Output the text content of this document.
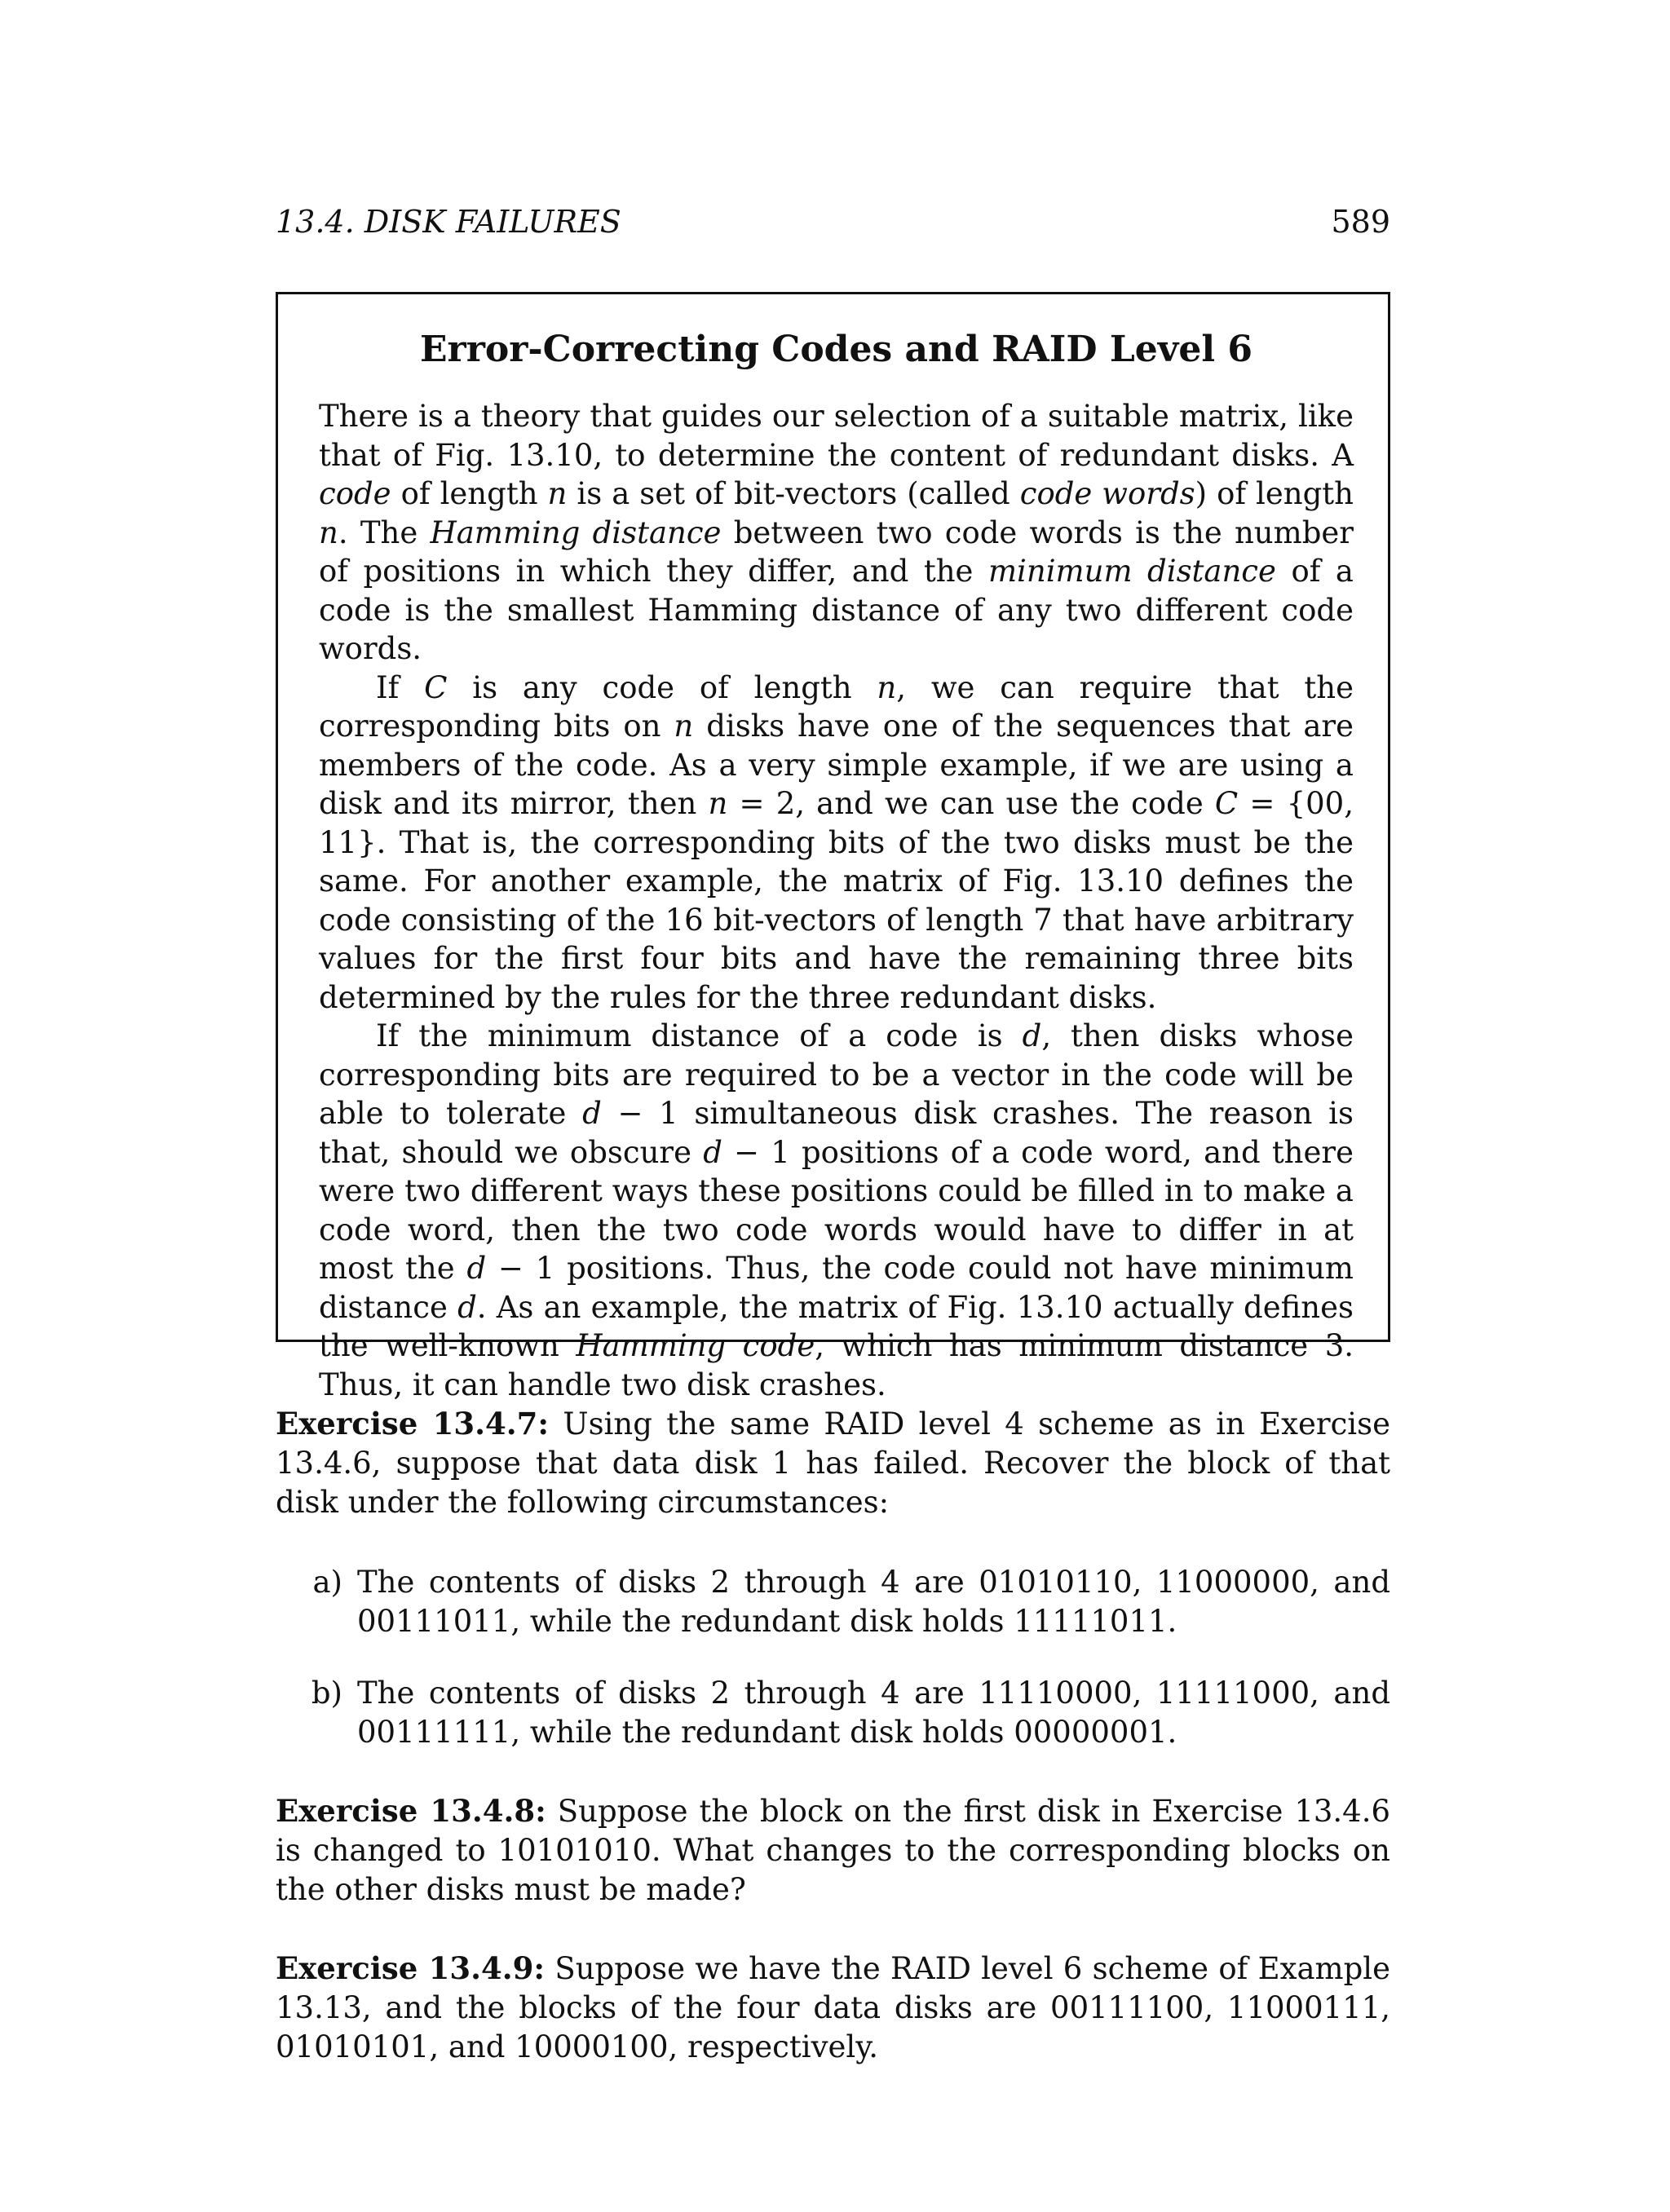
13.4. DISK FAILURES	589
Error-Correcting Codes and RAID Level 6

There is a theory that guides our selection of a suitable matrix, like that of Fig. 13.10, to determine the content of redundant disks. A code of length n is a set of bit-vectors (called code words) of length n. The Hamming distance between two code words is the number of positions in which they differ, and the minimum distance of a code is the smallest Hamming distance of any two different code words.

If C is any code of length n, we can require that the corresponding bits on n disks have one of the sequences that are members of the code. As a very simple example, if we are using a disk and its mirror, then n = 2, and we can use the code C = {00, 11}. That is, the corresponding bits of the two disks must be the same. For another example, the matrix of Fig. 13.10 defines the code consisting of the 16 bit-vectors of length 7 that have arbitrary values for the first four bits and have the remaining three bits determined by the rules for the three redundant disks.

If the minimum distance of a code is d, then disks whose corresponding bits are required to be a vector in the code will be able to tolerate d − 1 simultaneous disk crashes. The reason is that, should we obscure d − 1 positions of a code word, and there were two different ways these positions could be filled in to make a code word, then the two code words would have to differ in at most the d − 1 positions. Thus, the code could not have minimum distance d. As an example, the matrix of Fig. 13.10 actually defines the well-known Hamming code, which has minimum distance 3. Thus, it can handle two disk crashes.

Exercise 13.4.7: Using the same RAID level 4 scheme as in Exercise 13.4.6, suppose that data disk 1 has failed. Recover the block of that disk under the following circumstances:
a) The contents of disks 2 through 4 are 01010110, 11000000, and 00111011, while the redundant disk holds 11111011.
b) The contents of disks 2 through 4 are 11110000, 11111000, and 00111111, while the redundant disk holds 00000001.
Exercise 13.4.8: Suppose the block on the first disk in Exercise 13.4.6 is changed to 10101010. What changes to the corresponding blocks on the other disks must be made?
Exercise 13.4.9: Suppose we have the RAID level 6 scheme of Example 13.13, and the blocks of the four data disks are 00111100, 11000111, 01010101, and 10000100, respectively.
